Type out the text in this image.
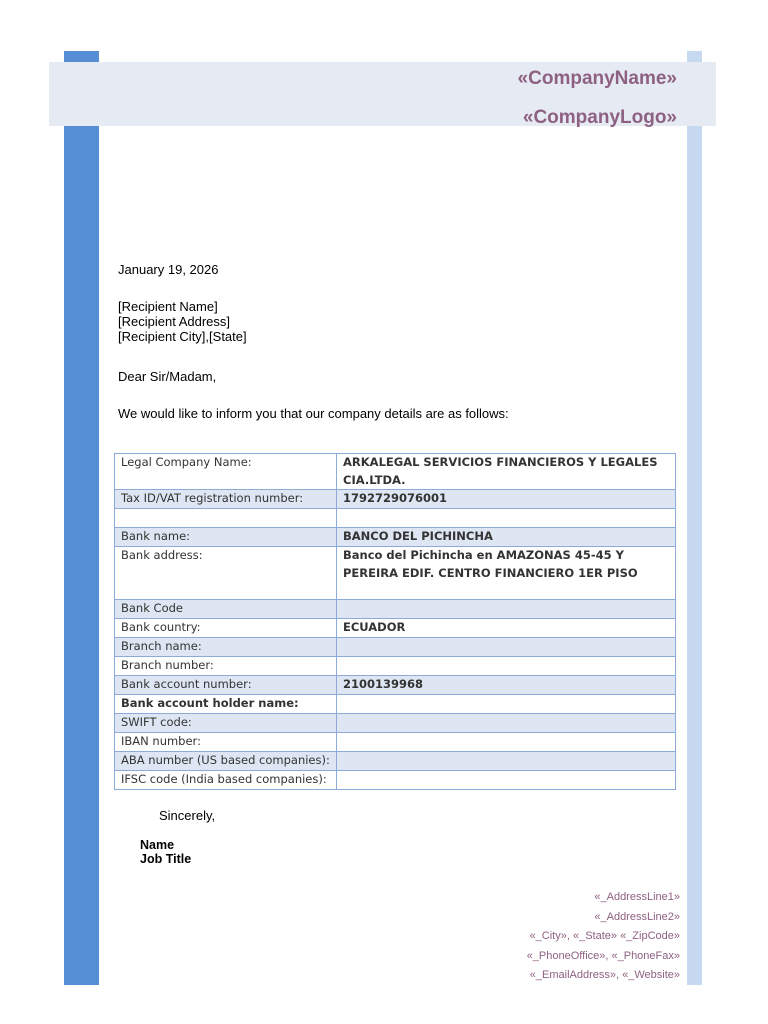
«CompanyName»
«CompanyLogo»
January 19, 2026
[Recipient Name]
[Recipient Address]
[Recipient City],[State]
Dear Sir/Madam,
We would like to inform you that our company details are as follows:
Legal Company Name:	ARKALEGAL SERVICIOS FINANCIEROS Y LEGALES CIA.LTDA.
Tax ID/VAT registration number:	1792729076001

Bank name:	BANCO DEL PICHINCHA
Bank address:	Banco del Pichincha en AMAZONAS 45-45 Y PEREIRA EDIF. CENTRO FINANCIERO 1ER PISO
Bank Code	
Bank country:	ECUADOR
Branch name:	
Branch number:	
Bank account number:	2100139968
Bank account holder name:	
SWIFT code:	
IBAN number:	
ABA number (US based companies):	
IFSC code (India based companies):	
Sincerely,
Name
Job Title
«_AddressLine1»
«_AddressLine2»
«_City», «_State» «_ZipCode»
«_PhoneOffice», «_PhoneFax»
«_EmailAddress», «_Website»
